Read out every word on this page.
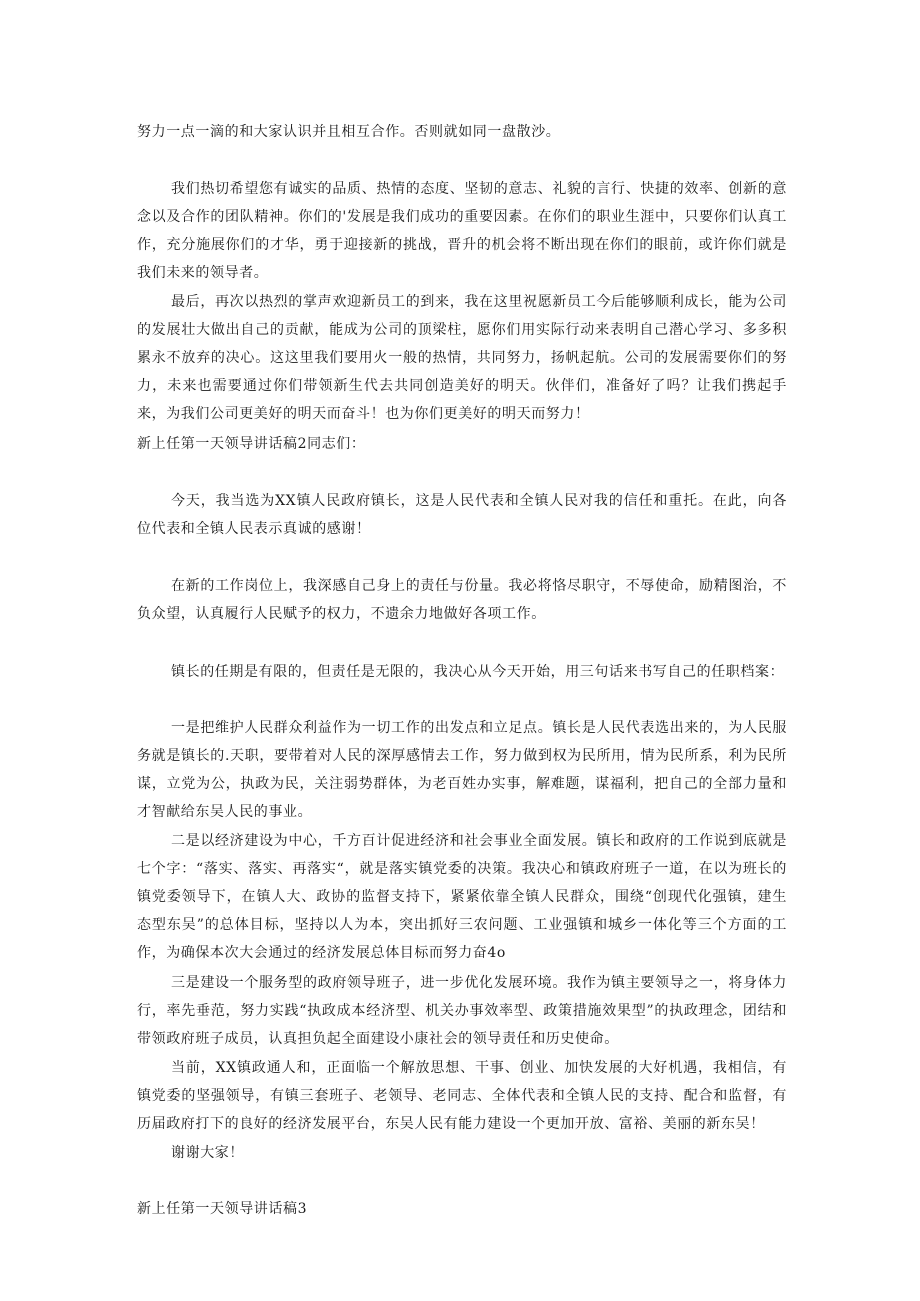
努力一点一滴的和大家认识并且相互合作。否则就如同一盘散沙。

我们热切希望您有诚实的品质、热情的态度、坚韧的意志、礼貌的言行、快捷的效率、创新的意念以及合作的团队精神。你们的'发展是我们成功的重要因素。在你们的职业生涯中，只要你们认真工作，充分施展你们的才华，勇于迎接新的挑战，晋升的机会将不断出现在你们的眼前，或许你们就是我们未来的领导者。

最后，再次以热烈的掌声欢迎新员工的到来，我在这里祝愿新员工今后能够顺利成长，能为公司的发展壮大做出自己的贡献，能成为公司的顶梁柱，愿你们用实际行动来表明自己潜心学习、多多积累永不放弃的决心。这这里我们要用火一般的热情，共同努力，扬帆起航。公司的发展需要你们的努力，未来也需要通过你们带领新生代去共同创造美好的明天。伙伴们，准备好了吗？让我们携起手来，为我们公司更美好的明天而奋斗！也为你们更美好的明天而努力！

新上任第一天领导讲话稿2同志们：

今天，我当选为XX镇人民政府镇长，这是人民代表和全镇人民对我的信任和重托。在此，向各位代表和全镇人民表示真诚的感谢！

在新的工作岗位上，我深感自己身上的责任与份量。我必将恪尽职守，不辱使命，励精图治，不负众望，认真履行人民赋予的权力，不遗余力地做好各项工作。

镇长的任期是有限的，但责任是无限的，我决心从今天开始，用三句话来书写自己的任职档案：

一是把维护人民群众利益作为一切工作的出发点和立足点。镇长是人民代表选出来的，为人民服务就是镇长的.天职，要带着对人民的深厚感情去工作，努力做到权为民所用，情为民所系，利为民所谋，立党为公，执政为民，关注弱势群体，为老百姓办实事，解难题，谋福利，把自己的全部力量和才智献给东吴人民的事业。

二是以经济建设为中心，千方百计促进经济和社会事业全面发展。镇长和政府的工作说到底就是七个字：“落实、落实、再落实“，就是落实镇党委的决策。我决心和镇政府班子一道，在以为班长的镇党委领导下，在镇人大、政协的监督支持下，紧紧依靠全镇人民群众，围绕“创现代化强镇，建生态型东吴”的总体目标，坚持以人为本，突出抓好三农问题、工业强镇和城乡一体化等三个方面的工作，为确保本次大会通过的经济发展总体目标而努力奋4o

三是建设一个服务型的政府领导班子，进一步优化发展环境。我作为镇主要领导之一，将身体力行，率先垂范，努力实践“执政成本经济型、机关办事效率型、政策措施效果型”的执政理念，团结和带领政府班子成员，认真担负起全面建设小康社会的领导责任和历史使命。

当前，XX镇政通人和，正面临一个解放思想、干事、创业、加快发展的大好机遇，我相信，有镇党委的坚强领导，有镇三套班子、老领导、老同志、全体代表和全镇人民的支持、配合和监督，有历届政府打下的良好的经济发展平台，东吴人民有能力建设一个更加开放、富裕、美丽的新东吴！

谢谢大家！

新上任第一天领导讲话稿3
